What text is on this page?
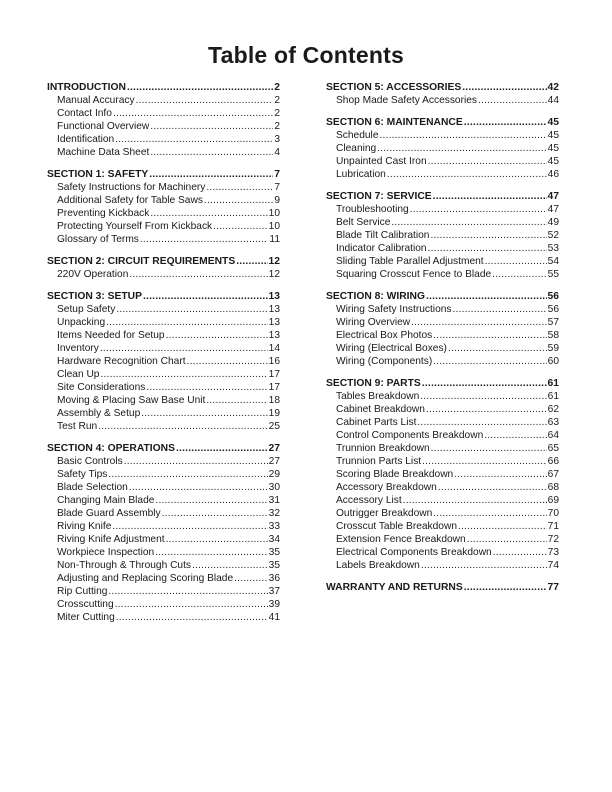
Table of Contents
INTRODUCTION .....	2
Manual Accuracy .....	2
Contact Info .....	2
Functional Overview .....	2
Identification .....	3
Machine Data Sheet .....	4
SECTION 1: SAFETY .....	7
Safety Instructions for Machinery .....	7
Additional Safety for Table Saws .....	9
Preventing Kickback .....	10
Protecting Yourself From Kickback .....	10
Glossary of Terms .....	11
SECTION 2: CIRCUIT REQUIREMENTS .....	12
220V Operation .....	12
SECTION 3: SETUP .....	13
Setup Safety .....	13
Unpacking .....	13
Items Needed for Setup .....	13
Inventory .....	14
Hardware Recognition Chart .....	16
Clean Up .....	17
Site Considerations .....	17
Moving & Placing Saw Base Unit .....	18
Assembly & Setup .....	19
Test Run .....	25
SECTION 4: OPERATIONS .....	27
Basic Controls .....	27
Safety Tips .....	29
Blade Selection .....	30
Changing Main Blade .....	31
Blade Guard Assembly .....	32
Riving Knife .....	33
Riving Knife Adjustment .....	34
Workpiece Inspection .....	35
Non-Through & Through Cuts .....	35
Adjusting and Replacing Scoring Blade .....	36
Rip Cutting .....	37
Crosscutting .....	39
Miter Cutting .....	41
SECTION 5: ACCESSORIES .....	42
Shop Made Safety Accessories .....	44
SECTION 6: MAINTENANCE .....	45
Schedule .....	45
Cleaning .....	45
Unpainted Cast Iron .....	45
Lubrication .....	46
SECTION 7: SERVICE .....	47
Troubleshooting .....	47
Belt Service .....	49
Blade Tilt Calibration .....	52
Indicator Calibration .....	53
Sliding Table Parallel Adjustment .....	54
Squaring Crosscut Fence to Blade .....	55
SECTION 8: WIRING .....	56
Wiring Safety Instructions .....	56
Wiring Overview .....	57
Electrical Box Photos .....	58
Wiring (Electrical Boxes) .....	59
Wiring (Components) .....	60
SECTION 9: PARTS .....	61
Tables Breakdown .....	61
Cabinet Breakdown .....	62
Cabinet Parts List .....	63
Control Components Breakdown .....	64
Trunnion Breakdown .....	65
Trunnion Parts List .....	66
Scoring Blade Breakdown .....	67
Accessory Breakdown .....	68
Accessory List .....	69
Outrigger Breakdown .....	70
Crosscut Table Breakdown .....	71
Extension Fence Breakdown .....	72
Electrical Components Breakdown .....	73
Labels Breakdown .....	74
WARRANTY AND RETURNS .....	77
